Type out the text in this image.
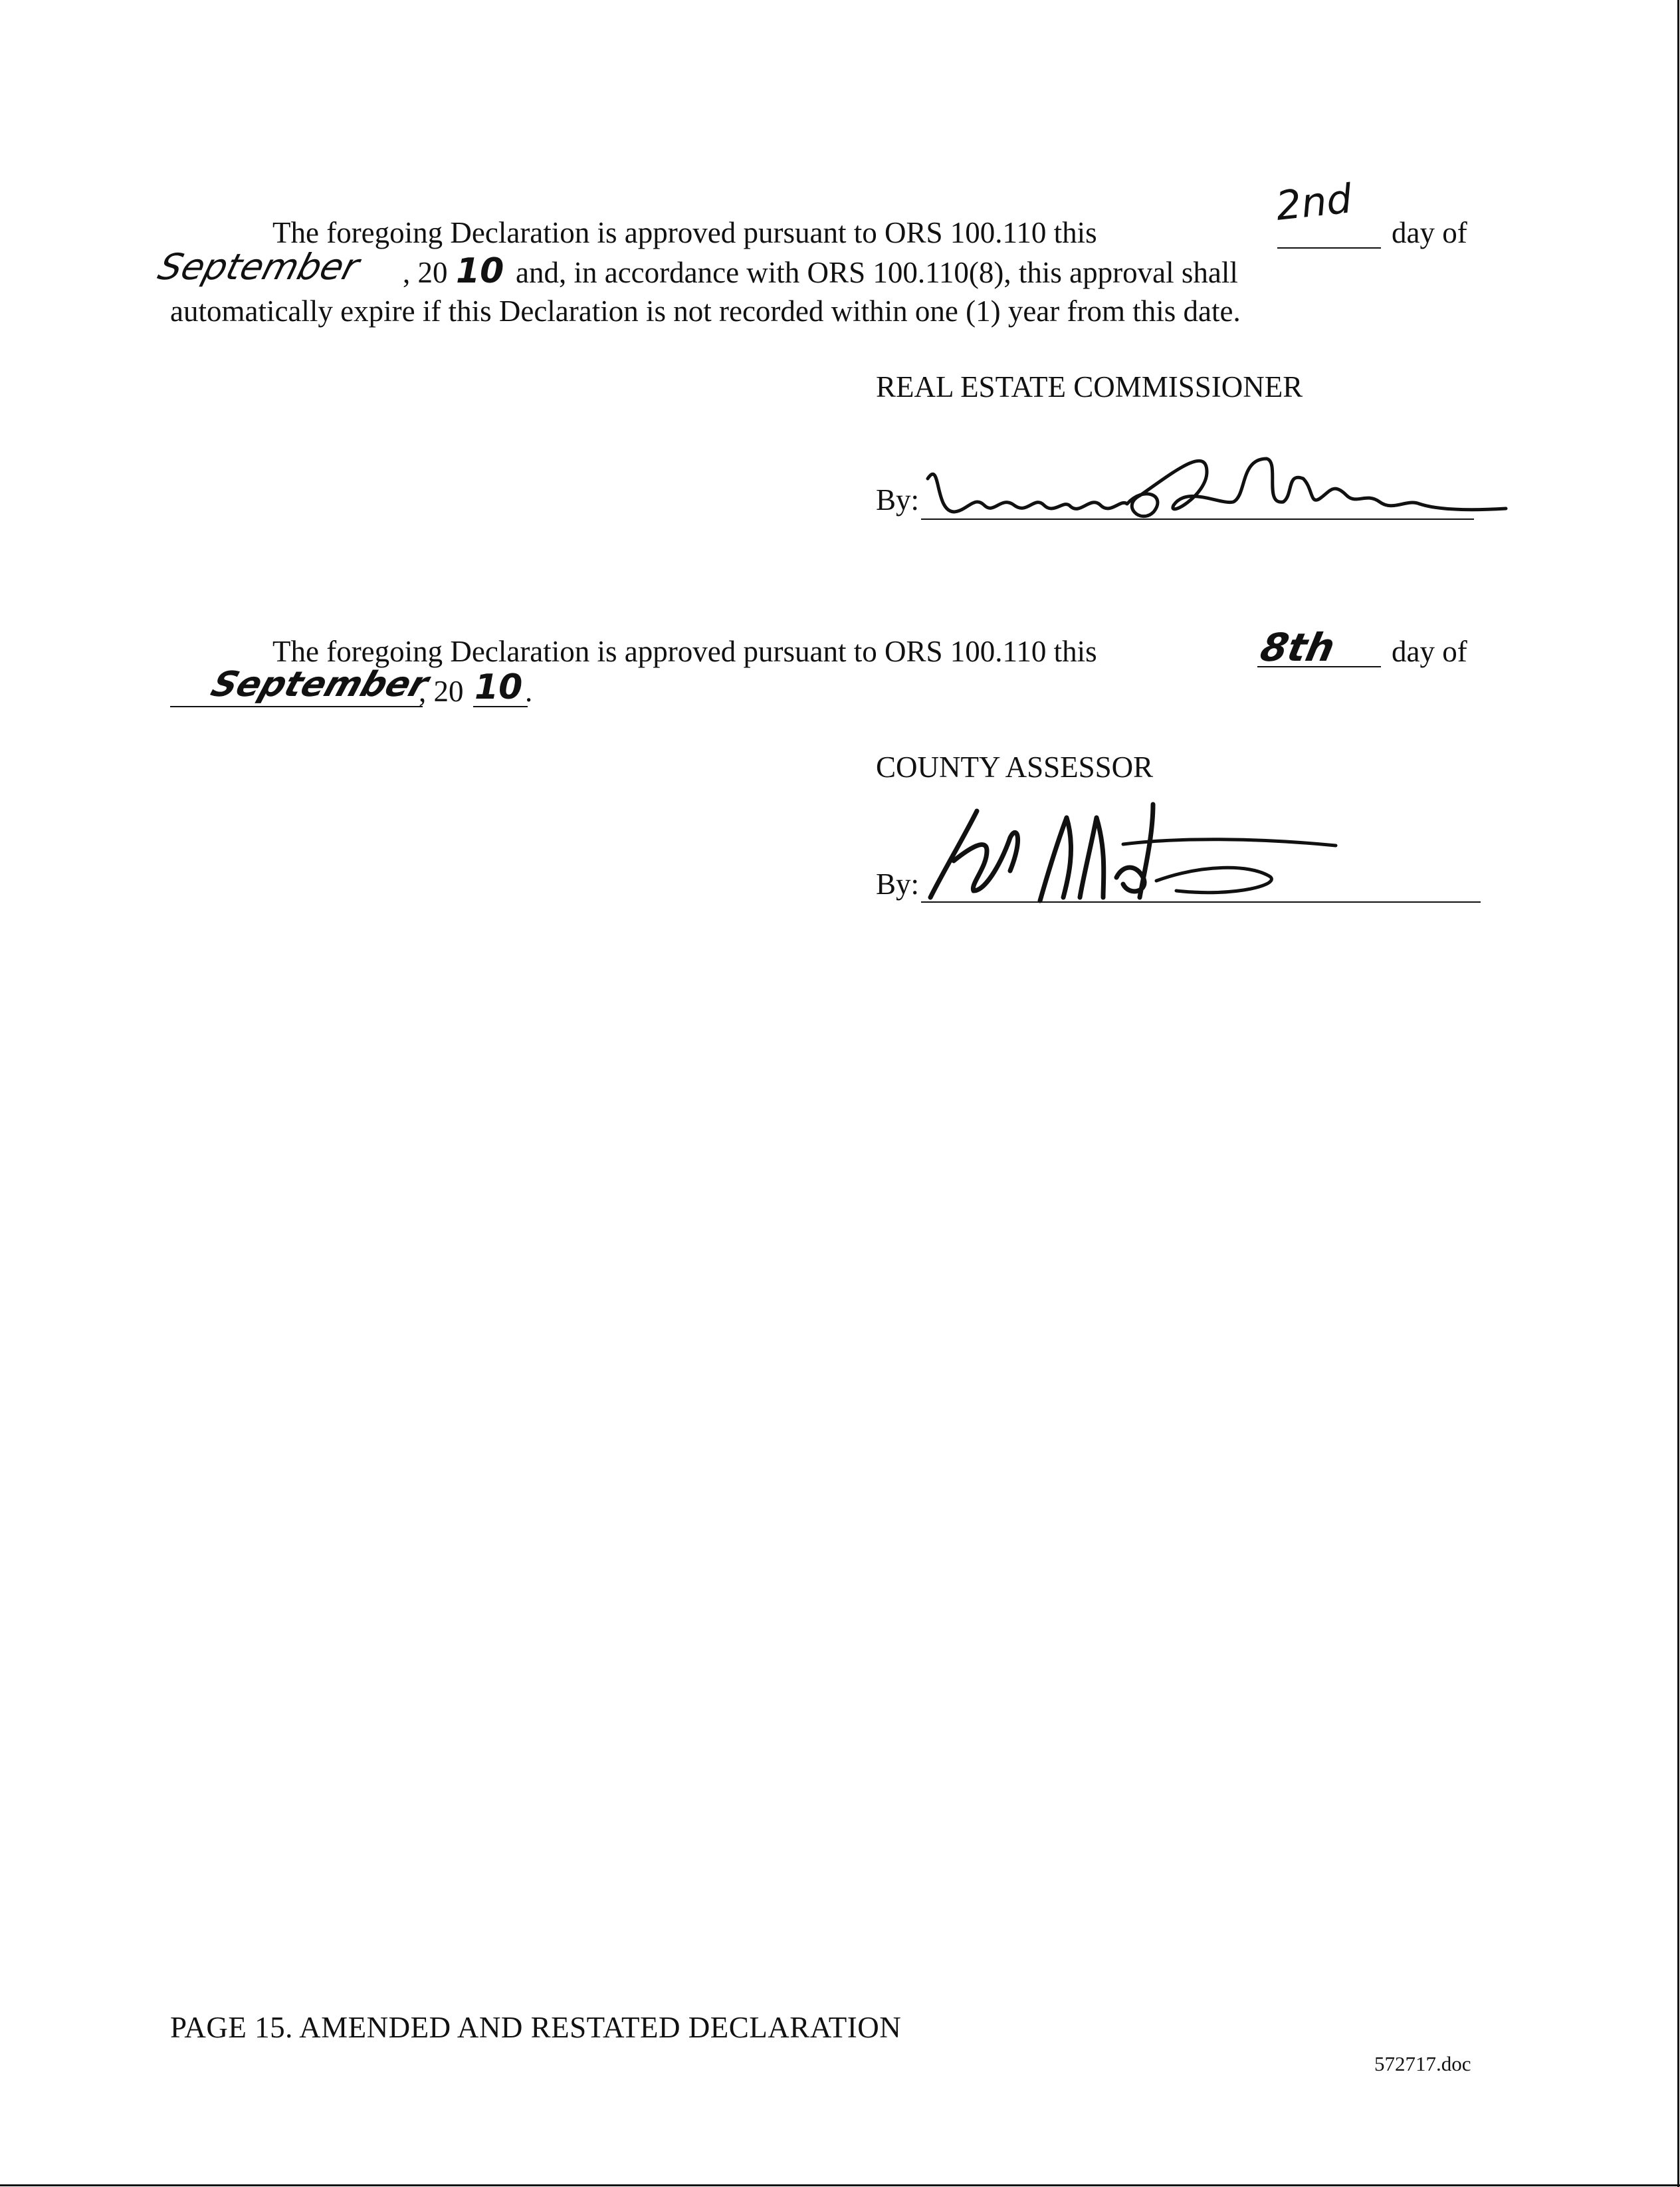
The foregoing Declaration is approved pursuant to ORS 100.110 this
2nd
day of
September , 20 10 and, in accordance with ORS 100.110(8), this approval shall
automatically expire if this Declaration is not recorded within one (1) year from this date.
REAL ESTATE COMMISSIONER
By:
The foregoing Declaration is approved pursuant to ORS 100.110 this	8th day of
September
, 20 10 .
COUNTY ASSESSOR
By:
PAGE 15. AMENDED AND RESTATED DECLARATION
572717.doc
